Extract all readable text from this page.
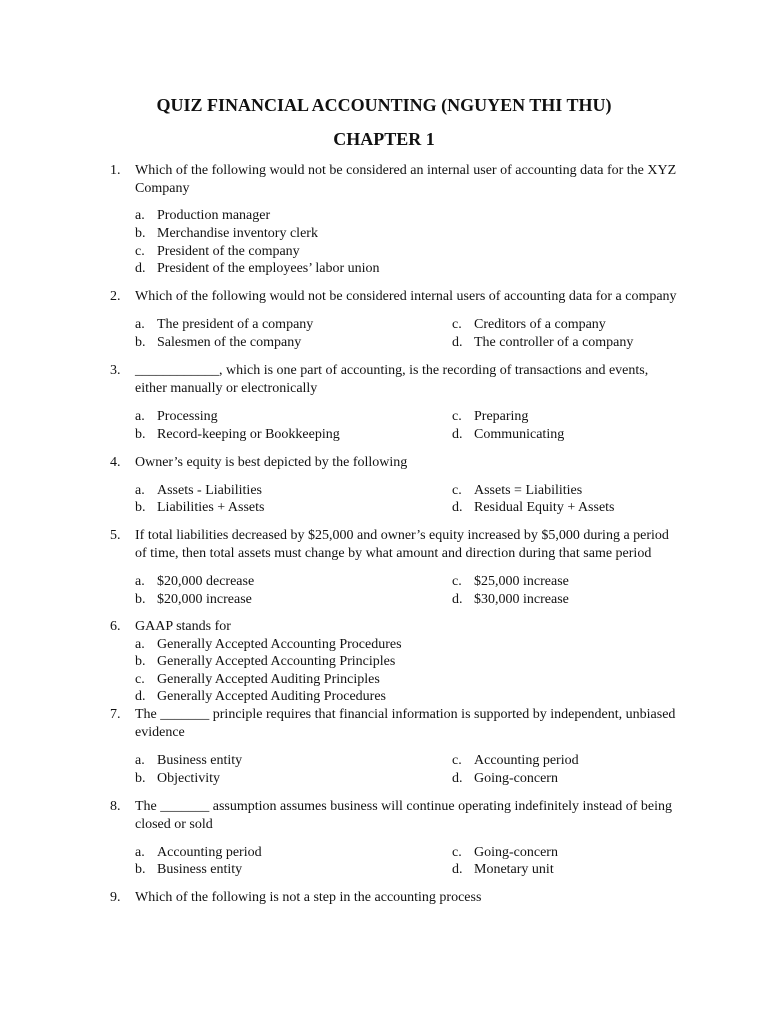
QUIZ FINANCIAL ACCOUNTING (NGUYEN THI THU)
CHAPTER 1
1. Which of the following would not be considered an internal user of accounting data for the XYZ Company
a. Production manager
b. Merchandise inventory clerk
c. President of the company
d. President of the employees’ labor union
2. Which of the following would not be considered internal users of accounting data for a company
a. The president of a company
b. Salesmen of the company
c. Creditors of a company
d. The controller of a company
3. ____________, which is one part of accounting, is the recording of transactions and events, either manually or electronically
a. Processing
b. Record-keeping or Bookkeeping
c. Preparing
d. Communicating
4. Owner’s equity is best depicted by the following
a. Assets - Liabilities
b. Liabilities + Assets
c. Assets = Liabilities
d. Residual Equity + Assets
5. If total liabilities decreased by $25,000 and owner’s equity increased by $5,000 during a period of time, then total assets must change by what amount and direction during that same period
a. $20,000 decrease
b. $20,000 increase
c. $25,000 increase
d. $30,000 increase
6. GAAP stands for
a. Generally Accepted Accounting Procedures
b. Generally Accepted Accounting Principles
c. Generally Accepted Auditing Principles
d. Generally Accepted Auditing Procedures
7. The _______ principle requires that financial information is supported by independent, unbiased evidence
a. Business entity
b. Objectivity
c. Accounting period
d. Going-concern
8. The _______ assumption assumes business will continue operating indefinitely instead of being closed or sold
a. Accounting period
b. Business entity
c. Going-concern
d. Monetary unit
9. Which of the following is not a step in the accounting process
